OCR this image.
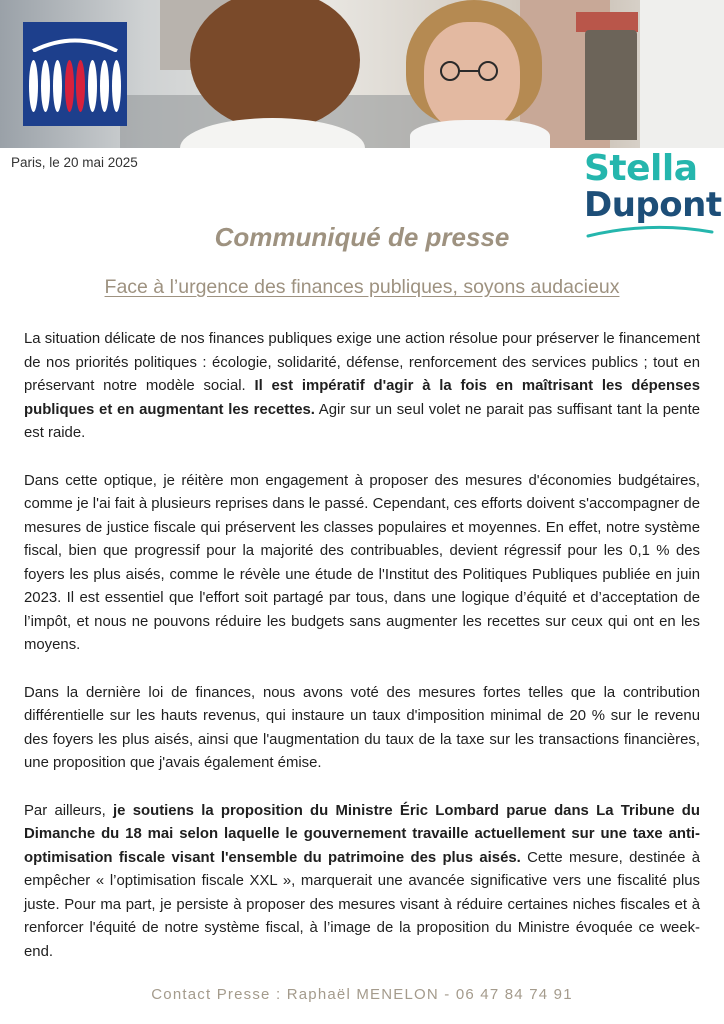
Paris, le 20 mai 2025	Stella
Dupont
Communiqué de presse
Face à l’urgence des finances publiques, soyons audacieux

La situation délicate de nos finances publiques exige une action résolue pour préserver le financement de nos priorités politiques : écologie, solidarité, défense, renforcement des services publics ; tout en préservant notre modèle social. Il est impératif d'agir à la fois en maîtrisant les dépenses publiques et en augmentant les recettes. Agir sur un seul volet ne parait pas suffisant tant la pente est raide.

Dans cette optique, je réitère mon engagement à proposer des mesures d'économies budgétaires, comme je l'ai fait à plusieurs reprises dans le passé. Cependant, ces efforts doivent s'accompagner de mesures de justice fiscale qui préservent les classes populaires et moyennes. En effet, notre système fiscal, bien que progressif pour la majorité des contribuables, devient régressif pour les 0,1 % des foyers les plus aisés, comme le révèle une étude de l'Institut des Politiques Publiques publiée en juin 2023. Il est essentiel que l'effort soit partagé par tous, dans une logique d’équité et d’acceptation de l’impôt, et nous ne pouvons réduire les budgets sans augmenter les recettes sur ceux qui ont en les moyens.

Dans la dernière loi de finances, nous avons voté des mesures fortes telles que la contribution différentielle sur les hauts revenus, qui instaure un taux d'imposition minimal de 20 % sur le revenu des foyers les plus aisés, ainsi que l'augmentation du taux de la taxe sur les transactions financières, une proposition que j'avais également émise.

Par ailleurs, je soutiens la proposition du Ministre Éric Lombard parue dans La Tribune du Dimanche du 18 mai selon laquelle le gouvernement travaille actuellement sur une taxe anti-optimisation fiscale visant l'ensemble du patrimoine des plus aisés. Cette mesure, destinée à empêcher « l’optimisation fiscale XXL », marquerait une avancée significative vers une fiscalité plus juste. Pour ma part, je persiste à proposer des mesures visant à réduire certaines niches fiscales et à renforcer l'équité de notre système fiscal, à l’image de la proposition du Ministre évoquée ce week-end.

Contact Presse : Raphaël MENELON - 06 47 84 74 91
